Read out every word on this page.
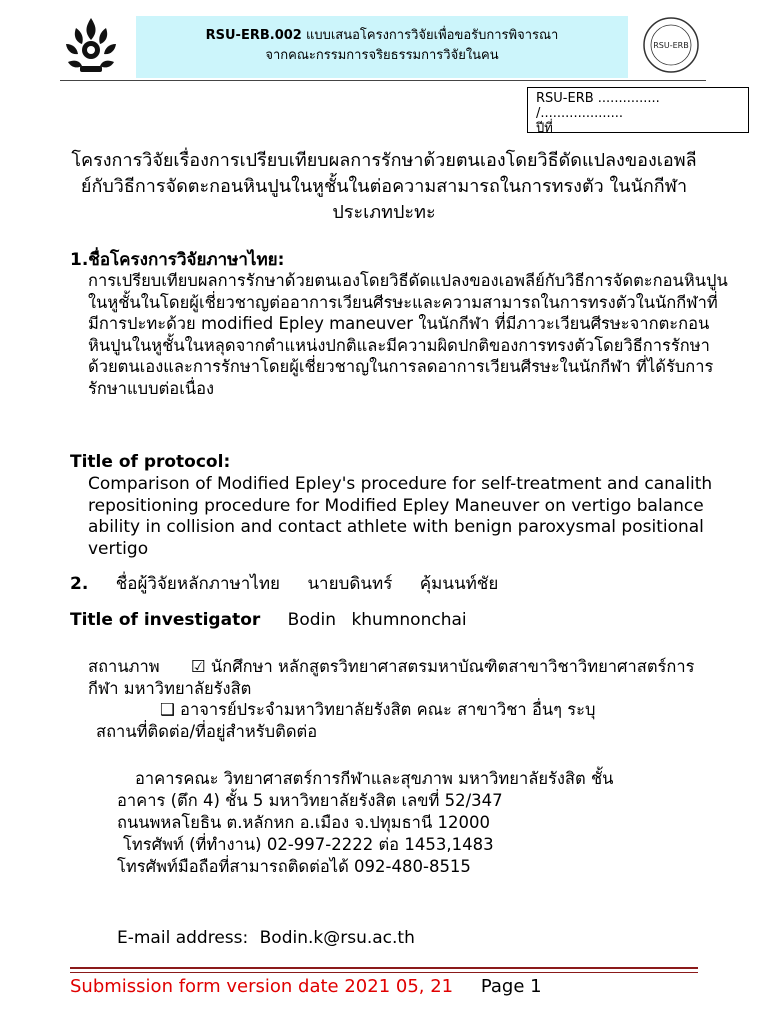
RSU-ERB.002 แบบเสนอโครงการวิจัยเพื่อขอรับการพิจารณา
จากคณะกรรมการจริยธรรมการวิจัยในคน
RSU-ERB
RSU-ERB ...............
/....................
ปีที่
โครงการวิจัยเรื่องการเปรียบเทียบผลการรักษาด้วยตนเองโดยวิธีดัดแปลงของเอพลีย์กับวิธีการจัดตะกอนหินปูนในหูชั้นในต่อความสามารถในการทรงตัว ในนักกีฬาประเภทปะทะ
1.ชื่อโครงการวิจัยภาษาไทย:
การเปรียบเทียบผลการรักษาด้วยตนเองโดยวิธีดัดแปลงของเอพลีย์กับวิธีการจัดตะกอนหินปูนในหูชั้นในโดยผู้เชี่ยวชาญต่ออาการเวียนศีรษะและความสามารถในการทรงตัวในนักกีฬาที่มีการปะทะด้วย modified Epley maneuver ในนักกีฬา ที่มีภาวะเวียนศีรษะจากตะกอนหินปูนในหูชั้นในหลุดจากตำแหน่งปกติและมีความผิดปกติของการทรงตัวโดยวิธีการรักษาด้วยตนเองและการรักษาโดยผู้เชี่ยวชาญในการลดอาการเวียนศีรษะในนักกีฬา ที่ได้รับการรักษาแบบต่อเนื่อง
Title of protocol:
Comparison of Modified Epley's procedure for self-treatment and canalith repositioning procedure for Modified Epley Maneuver on vertigo balance ability in collision and contact athlete with benign paroxysmal positional vertigo
2. ชื่อผู้วิจัยหลักภาษาไทย นายบดินทร์ คุ้มนนท์ชัย
Title of investigator Bodin khumnonchai
สถานภาพ ☑ นักศึกษา หลักสูตรวิทยาศาสตรมหาบัณฑิตสาขาวิชาวิทยาศาสตร์การกีฬา มหาวิทยาลัยรังสิต
❑ อาจารย์ประจำมหาวิทยาลัยรังสิต คณะ สาขาวิชา อื่นๆ ระบุ
สถานที่ติดต่อ/ที่อยู่สำหรับติดต่อ
อาคารคณะ วิทยาศาสตร์การกีฬาและสุขภาพ มหาวิทยาลัยรังสิต ชั้น
อาคาร (ตึก 4) ชั้น 5 มหาวิทยาลัยรังสิต เลขที่ 52/347
ถนนพหลโยธิน ต.หลักหก อ.เมือง จ.ปทุมธานี 12000
โทรศัพท์ (ที่ทำงาน) 02-997-2222 ต่อ 1453,1483
โทรศัพท์มือถือที่สามารถติดต่อได้ 092-480-8515
E-mail address: Bodin.k@rsu.ac.th
Submission form version date 2021 05, 21 Page 1
